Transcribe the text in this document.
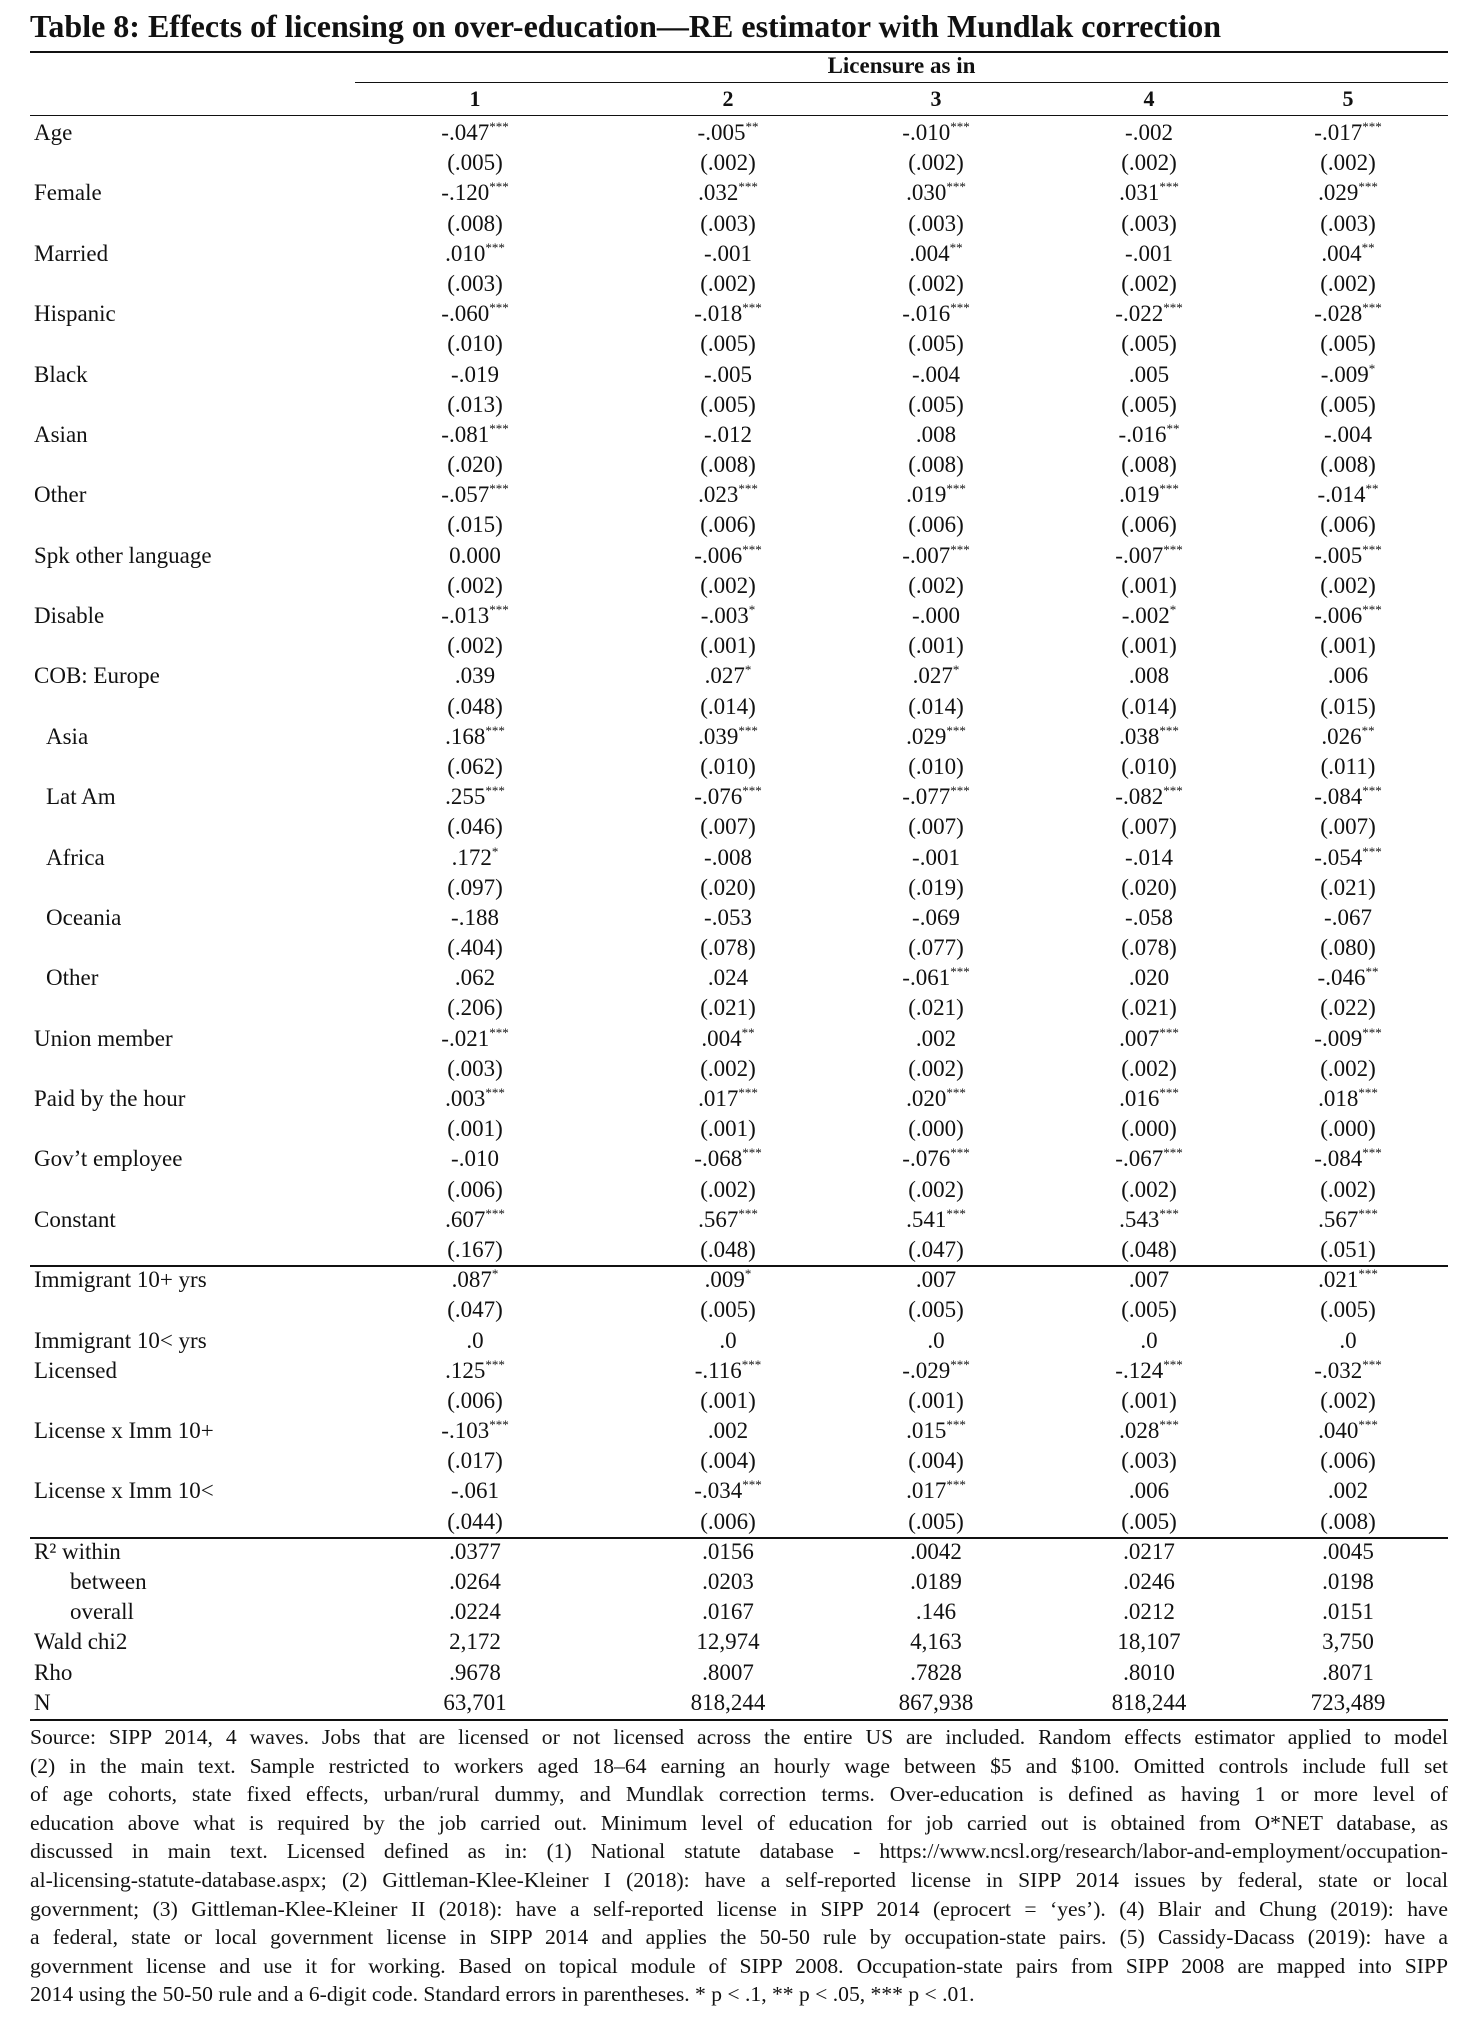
Table 8: Effects of licensing on over-education—RE estimator with Mundlak correction
Licensure as in
1	2	3	4	5
Age	-.047***	-.005**	-.010***	-.002	-.017***
(.005)	(.002)	(.002)	(.002)	(.002)
Female	-.120***	.032***	.030***	.031***	.029***
(.008)	(.003)	(.003)	(.003)	(.003)
Married	.010***	-.001	.004**	-.001	.004**
(.003)	(.002)	(.002)	(.002)	(.002)
Hispanic	-.060***	-.018***	-.016***	-.022***	-.028***
(.010)	(.005)	(.005)	(.005)	(.005)
Black	-.019	-.005	-.004	.005	-.009*
(.013)	(.005)	(.005)	(.005)	(.005)
Asian	-.081***	-.012	.008	-.016**	-.004
(.020)	(.008)	(.008)	(.008)	(.008)
Other	-.057***	.023***	.019***	.019***	-.014**
(.015)	(.006)	(.006)	(.006)	(.006)
Spk other language	0.000	-.006***	-.007***	-.007***	-.005***
(.002)	(.002)	(.002)	(.001)	(.002)
Disable	-.013***	-.003*	-.000	-.002*	-.006***
(.002)	(.001)	(.001)	(.001)	(.001)
COB: Europe	.039	.027*	.027*	.008	.006
(.048)	(.014)	(.014)	(.014)	(.015)
Asia	.168***	.039***	.029***	.038***	.026**
(.062)	(.010)	(.010)	(.010)	(.011)
Lat Am	.255***	-.076***	-.077***	-.082***	-.084***
(.046)	(.007)	(.007)	(.007)	(.007)
Africa	.172*	-.008	-.001	-.014	-.054***
(.097)	(.020)	(.019)	(.020)	(.021)
Oceania	-.188	-.053	-.069	-.058	-.067
(.404)	(.078)	(.077)	(.078)	(.080)
Other	.062	.024	-.061***	.020	-.046**
(.206)	(.021)	(.021)	(.021)	(.022)
Union member	-.021***	.004**	.002	.007***	-.009***
(.003)	(.002)	(.002)	(.002)	(.002)
Paid by the hour	.003***	.017***	.020***	.016***	.018***
(.001)	(.001)	(.000)	(.000)	(.000)
Gov’t employee	-.010	-.068***	-.076***	-.067***	-.084***
(.006)	(.002)	(.002)	(.002)	(.002)
Constant	.607***	.567***	.541***	.543***	.567***
(.167)	(.048)	(.047)	(.048)	(.051)
Immigrant 10+ yrs	.087*	.009*	.007	.007	.021***
(.047)	(.005)	(.005)	(.005)	(.005)
Immigrant 10< yrs	.0	.0	.0	.0	.0
Licensed	.125***	-.116***	-.029***	-.124***	-.032***
(.006)	(.001)	(.001)	(.001)	(.002)
License x Imm 10+	-.103***	.002	.015***	.028***	.040***
(.017)	(.004)	(.004)	(.003)	(.006)
License x Imm 10<	-.061	-.034***	.017***	.006	.002
(.044)	(.006)	(.005)	(.005)	(.008)
R² within	.0377	.0156	.0042	.0217	.0045
between	.0264	.0203	.0189	.0246	.0198
overall	.0224	.0167	.146	.0212	.0151
Wald chi2	2,172	12,974	4,163	18,107	3,750
Rho	.9678	.8007	.7828	.8010	.8071
N	63,701	818,244	867,938	818,244	723,489
Source: SIPP 2014, 4 waves. Jobs that are licensed or not licensed across the entire US are included. Random effects estimator applied to model
(2) in the main text. Sample restricted to workers aged 18–64 earning an hourly wage between $5 and $100. Omitted controls include full set
of age cohorts, state fixed effects, urban/rural dummy, and Mundlak correction terms. Over-education is defined as having 1 or more level of
education above what is required by the job carried out. Minimum level of education for job carried out is obtained from O*NET database, as
discussed in main text. Licensed defined as in: (1) National statute database - https://www.ncsl.org/research/labor-and-employment/occupation-
al-licensing-statute-database.aspx; (2) Gittleman-Klee-Kleiner I (2018): have a self-reported license in SIPP 2014 issues by federal, state or local
government; (3) Gittleman-Klee-Kleiner II (2018): have a self-reported license in SIPP 2014 (eprocert = ‘yes’). (4) Blair and Chung (2019): have
a federal, state or local government license in SIPP 2014 and applies the 50-50 rule by occupation-state pairs. (5) Cassidy-Dacass (2019): have a
government license and use it for working. Based on topical module of SIPP 2008. Occupation-state pairs from SIPP 2008 are mapped into SIPP
2014 using the 50-50 rule and a 6-digit code. Standard errors in parentheses. * p < .1, ** p < .05, *** p < .01.
